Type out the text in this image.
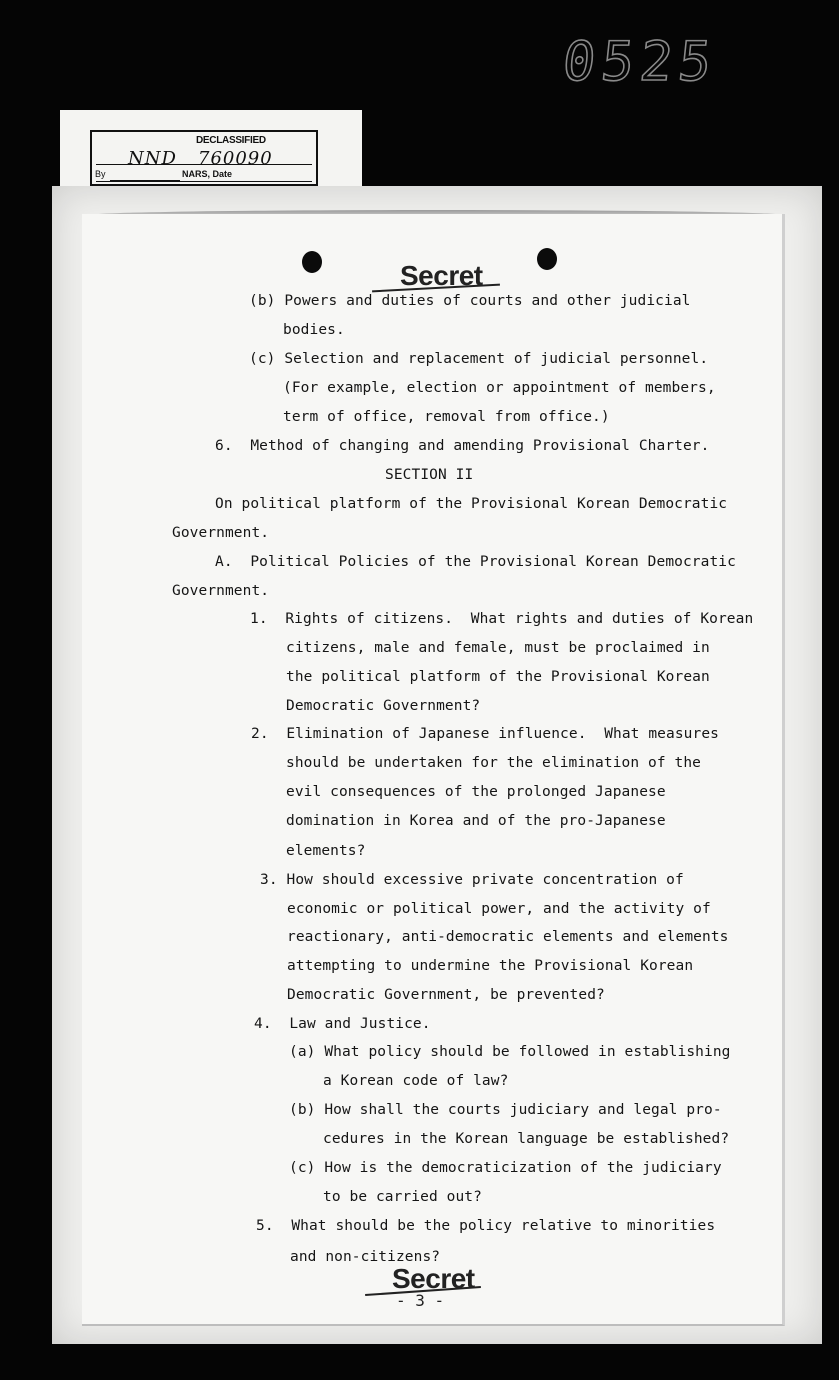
0525
DECLASSIFIED
NND 760090
By	NARS, Date
Secret
(b) Powers and duties of courts and other judicial
bodies.
(c) Selection and replacement of judicial personnel.
(For example, election or appointment of members,
term of office, removal from office.)
6.  Method of changing and amending Provisional Charter.
SECTION II
On political platform of the Provisional Korean Democratic
Government.
A.  Political Policies of the Provisional Korean Democratic
Government.
1.  Rights of citizens.  What rights and duties of Korean
citizens, male and female, must be proclaimed in
the political platform of the Provisional Korean
Democratic Government?
2.  Elimination of Japanese influence.  What measures
should be undertaken for the elimination of the
evil consequences of the prolonged Japanese
domination in Korea and of the pro-Japanese
elements?
3. How should excessive private concentration of
economic or political power, and the activity of
reactionary, anti-democratic elements and elements
attempting to undermine the Provisional Korean
Democratic Government, be prevented?
4.  Law and Justice.
(a) What policy should be followed in establishing
a Korean code of law?
(b) How shall the courts judiciary and legal pro-
cedures in the Korean language be established?
(c) How is the democraticization of the judiciary
to be carried out?
5.  What should be the policy relative to minorities
and non-citizens?
Secret
- 3 -
